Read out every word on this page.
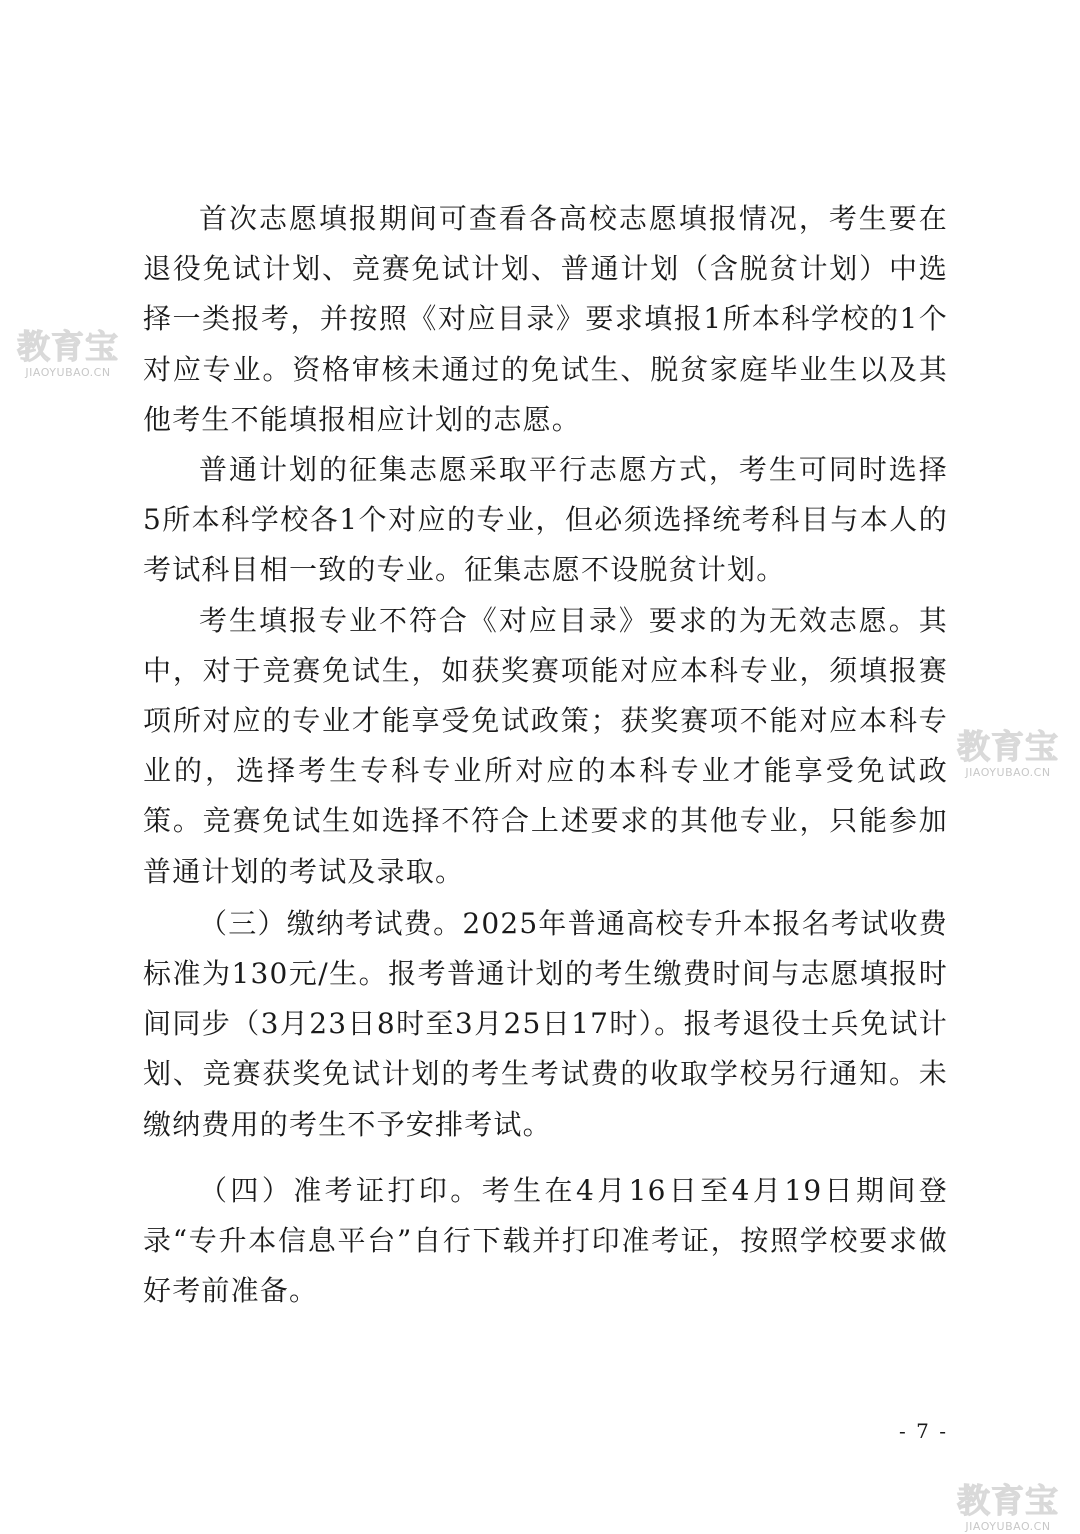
首次志愿填报期间可查看各高校志愿填报情况，考生要在退役免试计划、竞赛免试计划、普通计划（含脱贫计划）中选择一类报考，并按照《对应目录》要求填报1所本科学校的1个对应专业。资格审核未通过的免试生、脱贫家庭毕业生以及其他考生不能填报相应计划的志愿。

普通计划的征集志愿采取平行志愿方式，考生可同时选择5所本科学校各1个对应的专业，但必须选择统考科目与本人的考试科目相一致的专业。征集志愿不设脱贫计划。

考生填报专业不符合《对应目录》要求的为无效志愿。其中，对于竞赛免试生，如获奖赛项能对应本科专业，须填报赛项所对应的专业才能享受免试政策；获奖赛项不能对应本科专业的，选择考生专科专业所对应的本科专业才能享受免试政策。竞赛免试生如选择不符合上述要求的其他专业，只能参加普通计划的考试及录取。

（三）缴纳考试费。2025年普通高校专升本报名考试收费标准为130元/生。报考普通计划的考生缴费时间与志愿填报时间同步（3月23日8时至3月25日17时）。报考退役士兵免试计划、竞赛获奖免试计划的考生考试费的收取学校另行通知。未缴纳费用的考生不予安排考试。

（四）准考证打印。考生在4月16日至4月19日期间登录“专升本信息平台”自行下载并打印准考证，按照学校要求做好考前准备。

- 7 -
教育宝
JIAOYUBAO.CN
教育宝
JIAOYUBAO.CN
教育宝
JIAOYUBAO.CN
